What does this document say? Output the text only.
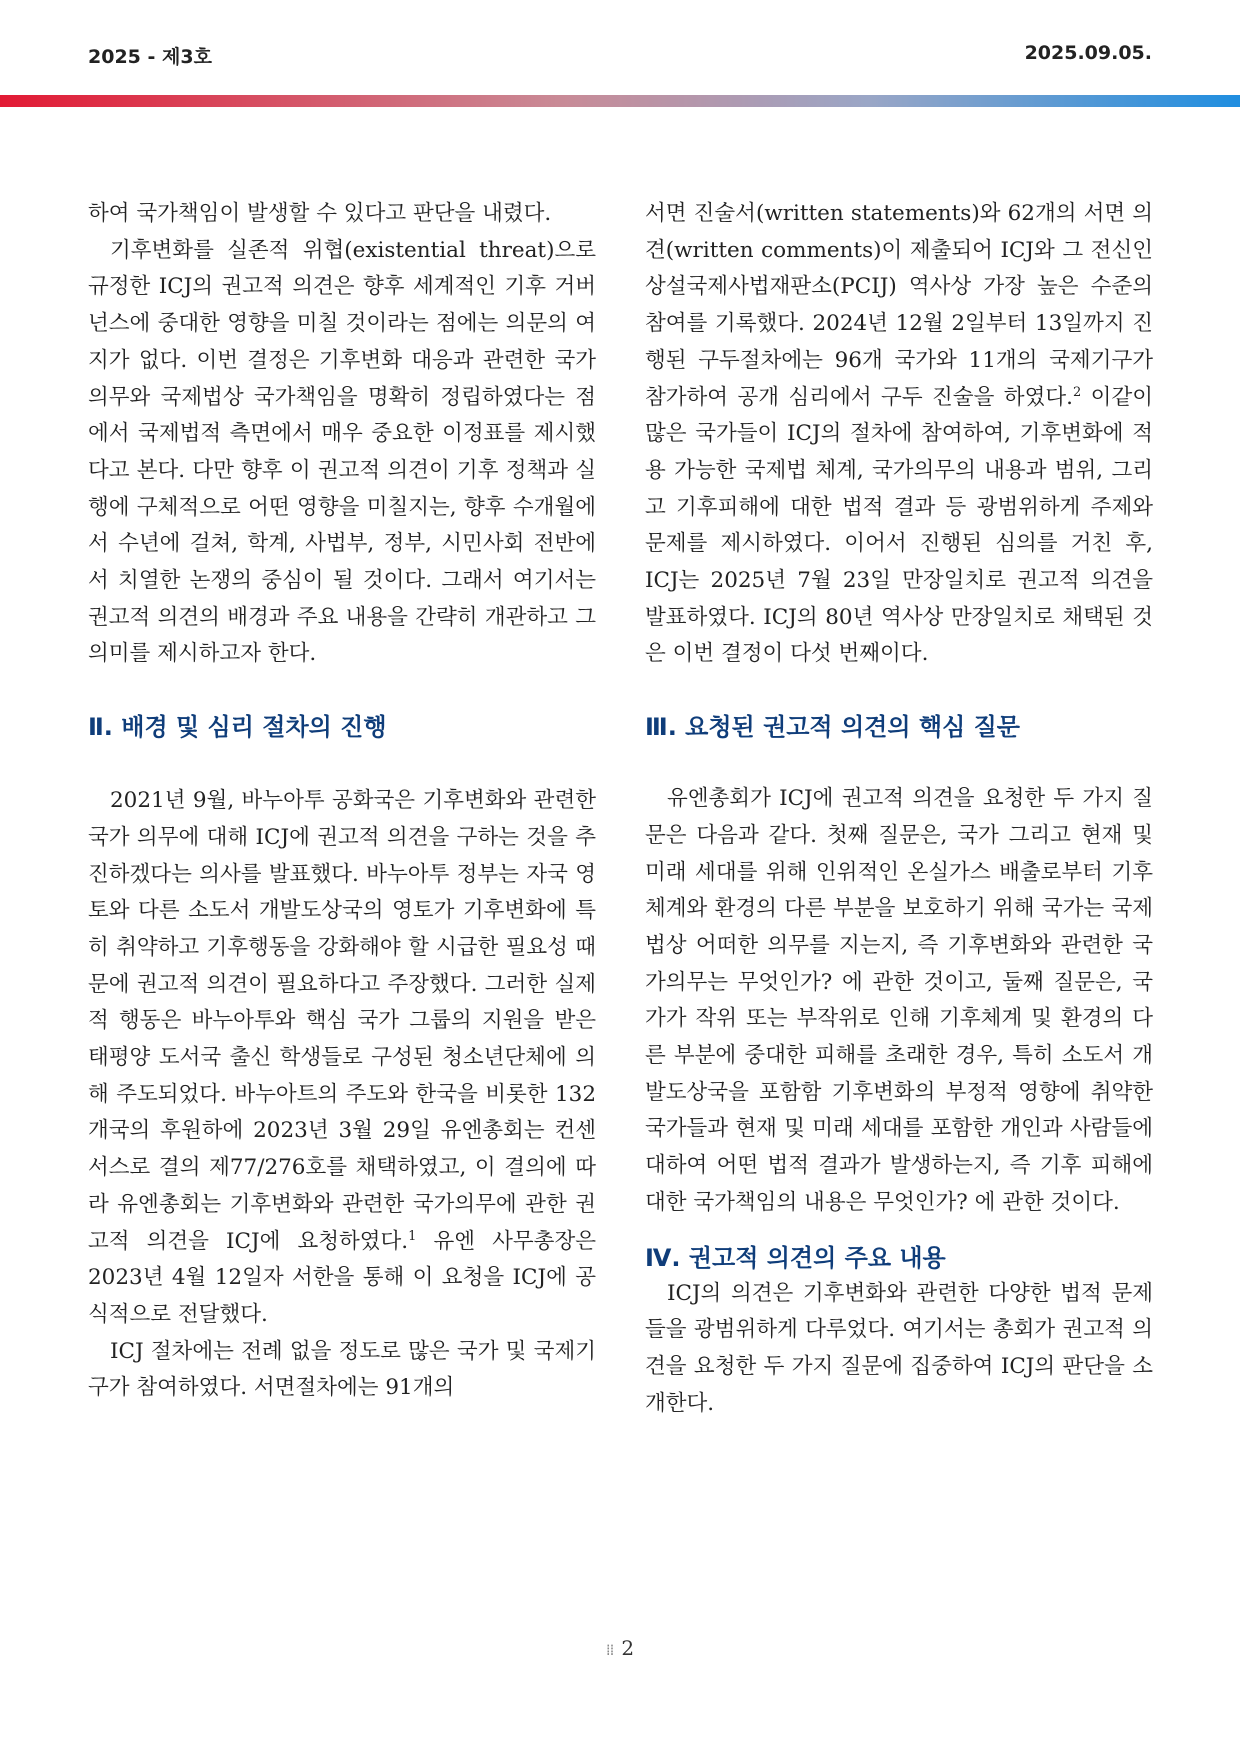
2025 - 제3호	2025.09.05.

하여 국가책임이 발생할 수 있다고 판단을 내렸다.

기후변화를 실존적 위협(existential threat)으로 규정한 ICJ의 권고적 의견은 향후 세계적인 기후 거버넌스에 중대한 영향을 미칠 것이라는 점에는 의문의 여지가 없다. 이번 결정은 기후변화 대응과 관련한 국가의무와 국제법상 국가책임을 명확히 정립하였다는 점에서 국제법적 측면에서 매우 중요한 이정표를 제시했다고 본다. 다만 향후 이 권고적 의견이 기후 정책과 실행에 구체적으로 어떤 영향을 미칠지는, 향후 수개월에서 수년에 걸쳐, 학계, 사법부, 정부, 시민사회 전반에서 치열한 논쟁의 중심이 될 것이다. 그래서 여기서는 권고적 의견의 배경과 주요 내용을 간략히 개관하고 그 의미를 제시하고자 한다.

Ⅱ. 배경 및 심리 절차의 진행

2021년 9월, 바누아투 공화국은 기후변화와 관련한 국가 의무에 대해 ICJ에 권고적 의견을 구하는 것을 추진하겠다는 의사를 발표했다. 바누아투 정부는 자국 영토와 다른 소도서 개발도상국의 영토가 기후변화에 특히 취약하고 기후행동을 강화해야 할 시급한 필요성 때문에 권고적 의견이 필요하다고 주장했다. 그러한 실제적 행동은 바누아투와 핵심 국가 그룹의 지원을 받은 태평양 도서국 출신 학생들로 구성된 청소년단체에 의해 주도되었다. 바누아트의 주도와 한국을 비롯한 132개국의 후원하에 2023년 3월 29일 유엔총회는 컨센서스로 결의 제77/276호를 채택하였고, 이 결의에 따라 유엔총회는 기후변화와 관련한 국가의무에 관한 권고적 의견을 ICJ에 요청하였다.$^1$ 유엔 사무총장은 2023년 4월 12일자 서한을 통해 이 요청을 ICJ에 공식적으로 전달했다.

ICJ 절차에는 전례 없을 정도로 많은 국가 및 국제기구가 참여하였다. 서면절차에는 91개의

서면 진술서(written statements)와 62개의 서면 의견(written comments)이 제출되어 ICJ와 그 전신인 상설국제사법재판소(PCIJ) 역사상 가장 높은 수준의 참여를 기록했다. 2024년 12월 2일부터 13일까지 진행된 구두절차에는 96개 국가와 11개의 국제기구가 참가하여 공개 심리에서 구두 진술을 하였다.$^2$ 이같이 많은 국가들이 ICJ의 절차에 참여하여, 기후변화에 적용 가능한 국제법 체계, 국가의무의 내용과 범위, 그리고 기후피해에 대한 법적 결과 등 광범위하게 주제와 문제를 제시하였다. 이어서 진행된 심의를 거친 후, ICJ는 2025년 7월 23일 만장일치로 권고적 의견을 발표하였다. ICJ의 80년 역사상 만장일치로 채택된 것은 이번 결정이 다섯 번째이다.

Ⅲ. 요청된 권고적 의견의 핵심 질문

유엔총회가 ICJ에 권고적 의견을 요청한 두 가지 질문은 다음과 같다. 첫째 질문은, 국가 그리고 현재 및 미래 세대를 위해 인위적인 온실가스 배출로부터 기후체계와 환경의 다른 부분을 보호하기 위해 국가는 국제법상 어떠한 의무를 지는지, 즉 기후변화와 관련한 국가의무는 무엇인가? 에 관한 것이고, 둘째 질문은, 국가가 작위 또는 부작위로 인해 기후체계 및 환경의 다른 부분에 중대한 피해를 초래한 경우, 특히 소도서 개발도상국을 포함함 기후변화의 부정적 영향에 취약한 국가들과 현재 및 미래 세대를 포함한 개인과 사람들에 대하여 어떤 법적 결과가 발생하는지, 즉 기후 피해에 대한 국가책임의 내용은 무엇인가? 에 관한 것이다.

Ⅳ. 권고적 의견의 주요 내용

ICJ의 의견은 기후변화와 관련한 다양한 법적 문제들을 광범위하게 다루었다. 여기서는 총회가 권고적 의견을 요청한 두 가지 질문에 집중하여 ICJ의 판단을 소개한다.

⁞⁞ 2
